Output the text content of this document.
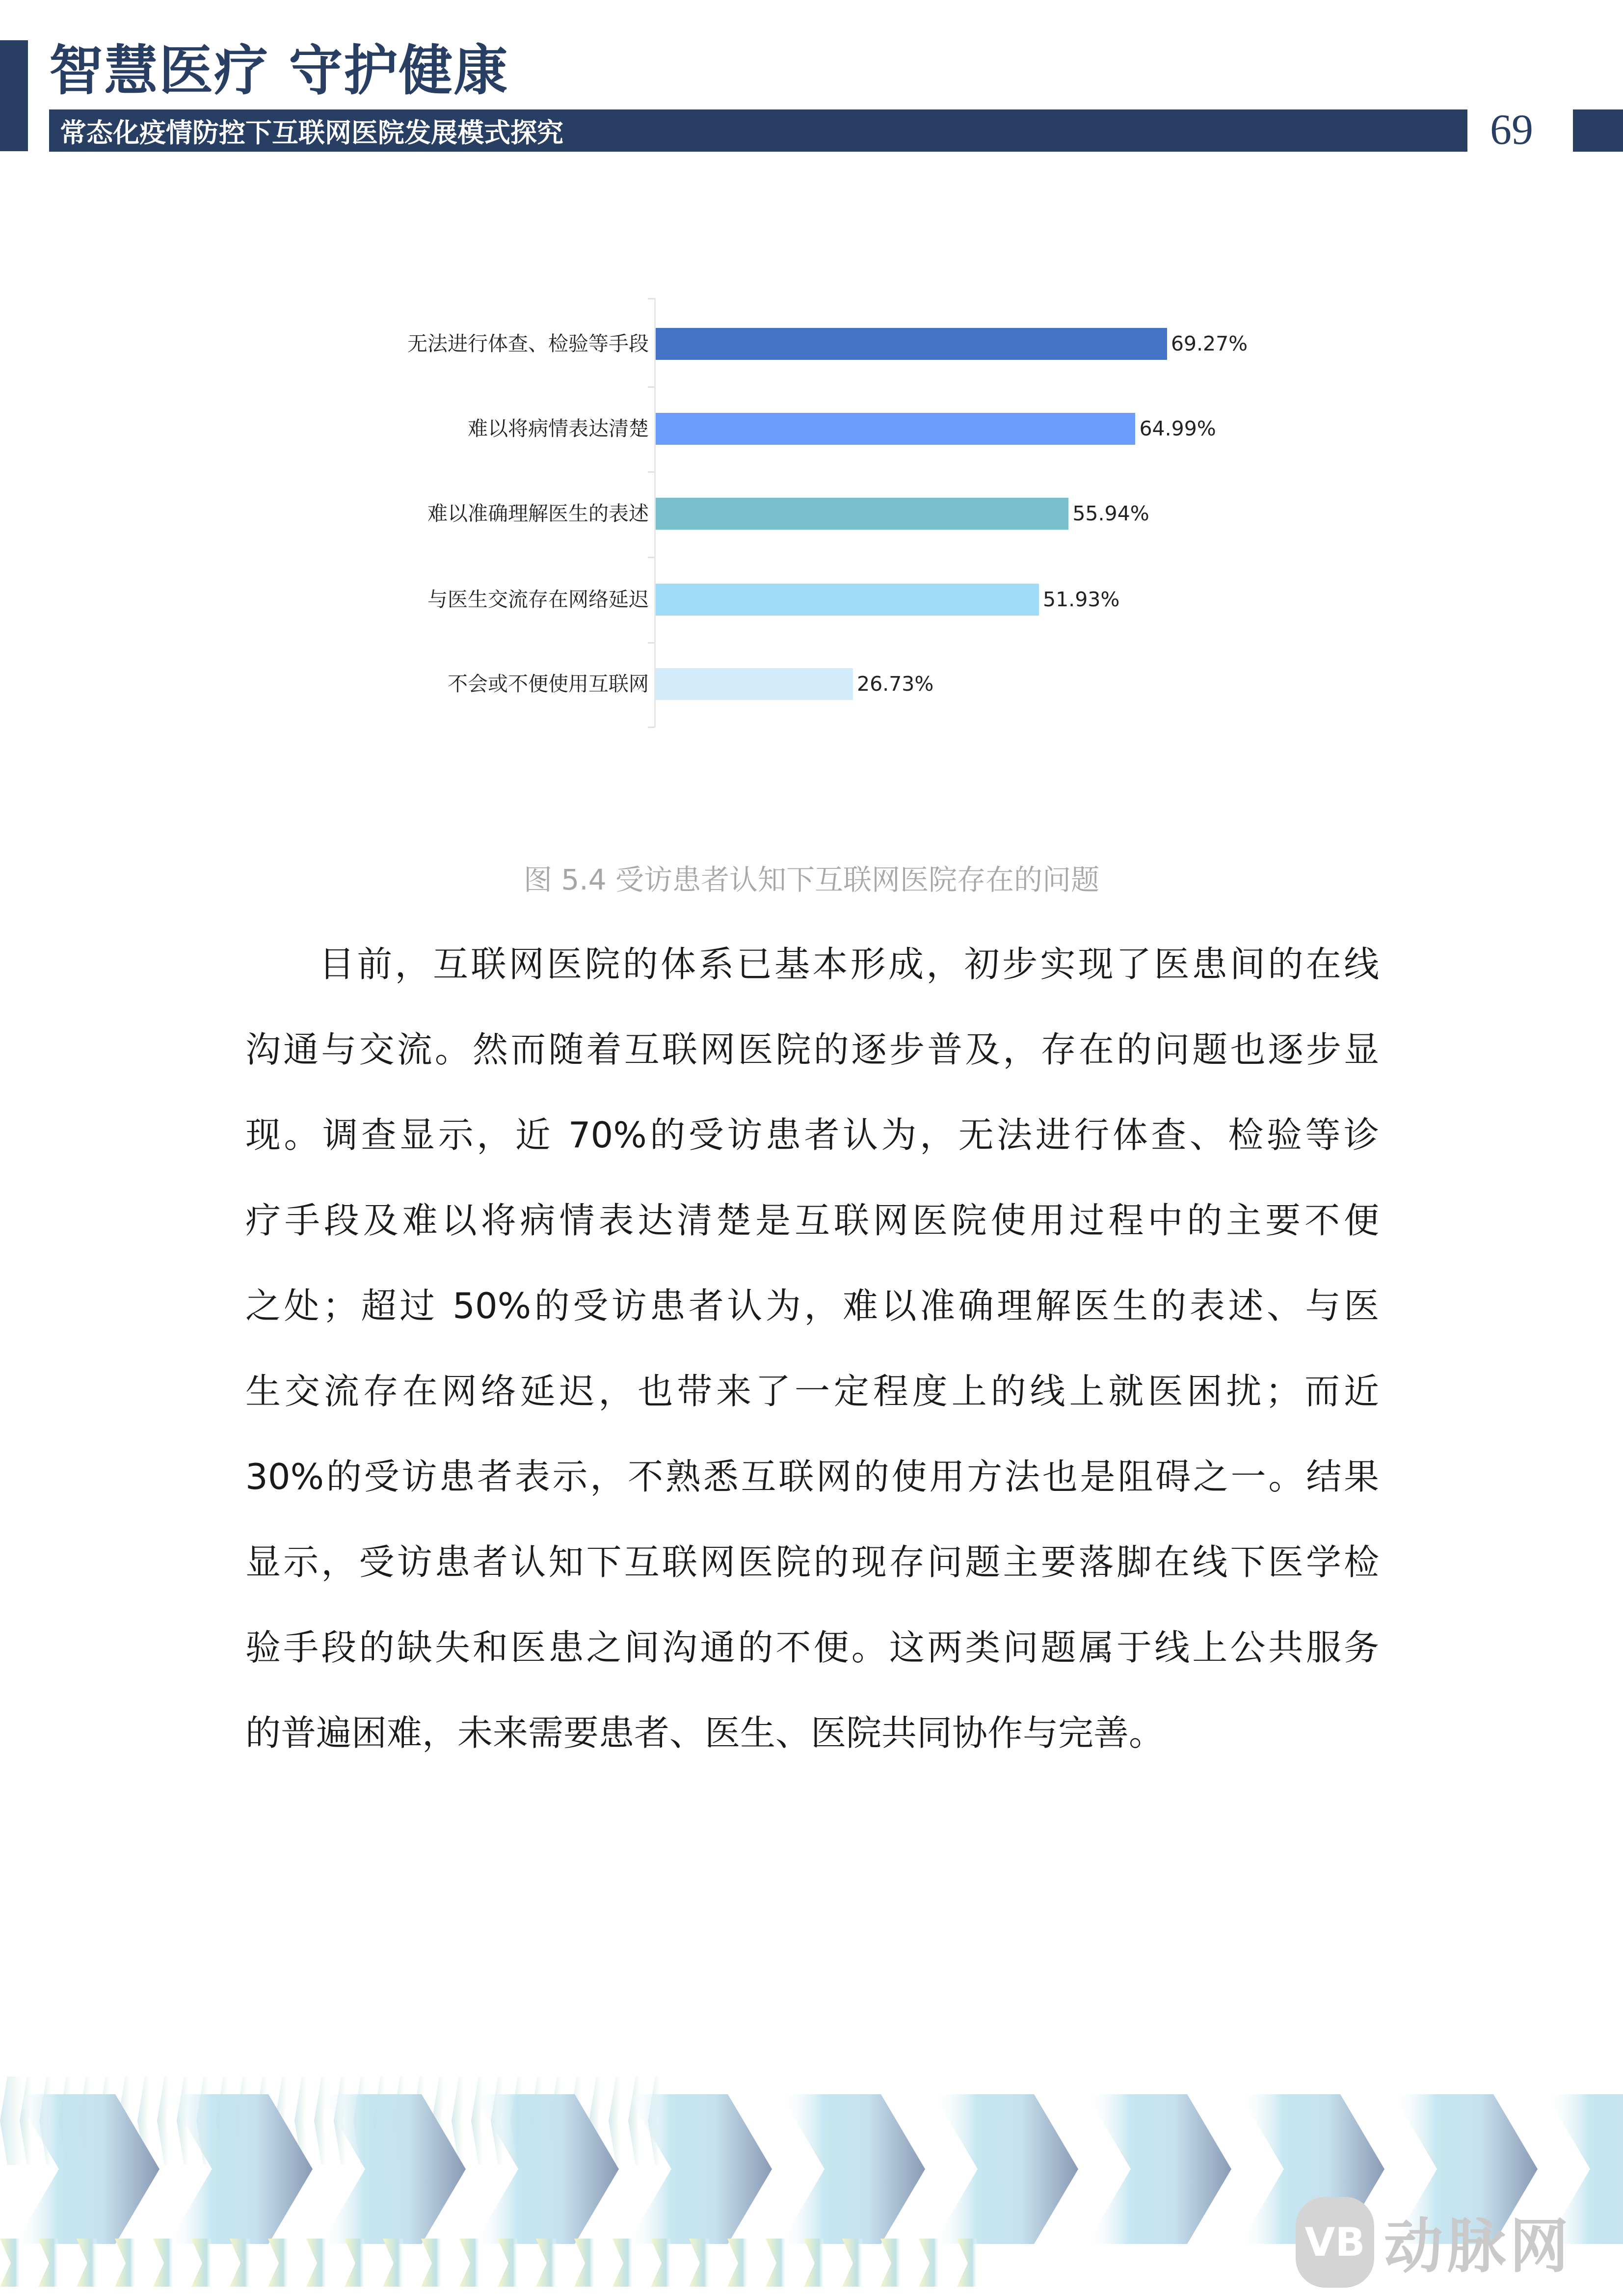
智慧医疗 守护健康
常态化疫情防控下互联网医院发展模式探究	69
无法进行体查、检验等手段	69.27%
难以将病情表达清楚	64.99%
难以准确理解医生的表述	55.94%
与医生交流存在网络延迟	51.93%
不会或不便使用互联网	26.73%
图 5.4 受访患者认知下互联网医院存在的问题
目前，互联网医院的体系已基本形成，初步实现了医患间的在线
沟通与交流。然而随着互联网医院的逐步普及，存在的问题也逐步显
现。调查显示，近 70%的受访患者认为，无法进行体查、检验等诊
疗手段及难以将病情表达清楚是互联网医院使用过程中的主要不便
之处；超过 50%的受访患者认为，难以准确理解医生的表述、与医
生交流存在网络延迟，也带来了一定程度上的线上就医困扰；而近
30%的受访患者表示，不熟悉互联网的使用方法也是阻碍之一。结果
显示，受访患者认知下互联网医院的现存问题主要落脚在线下医学检
验手段的缺失和医患之间沟通的不便。这两类问题属于线上公共服务
的普遍困难，未来需要患者、医生、医院共同协作与完善。
VB 动脉网
